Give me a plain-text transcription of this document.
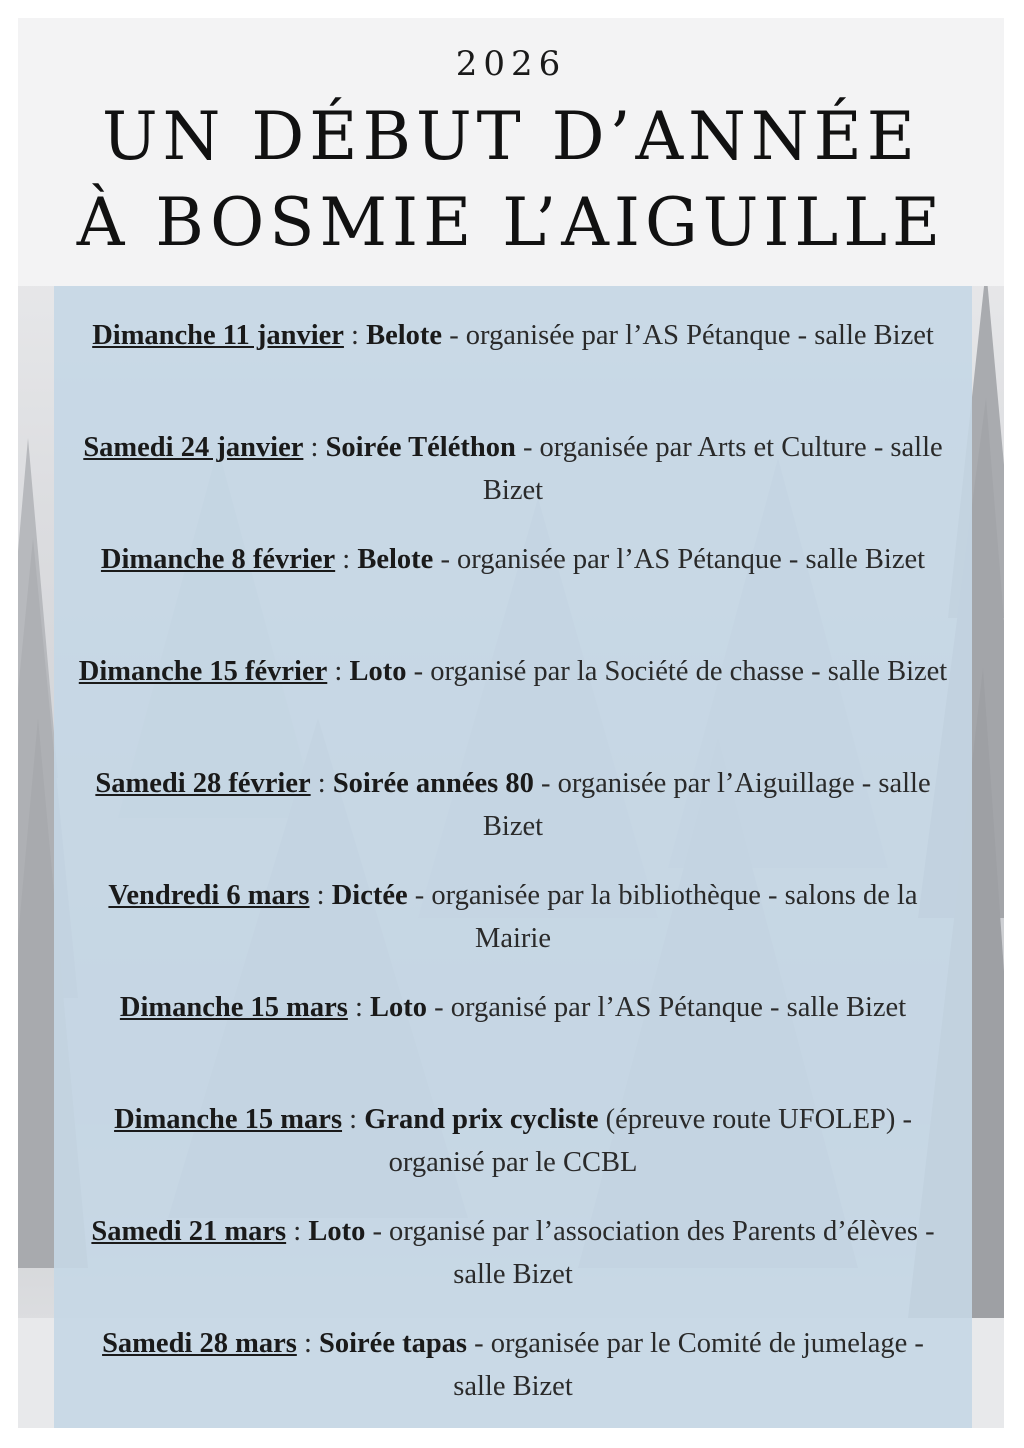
2026
UN DÉBUT D’ANNÉE
À BOSMIE L’AIGUILLE
Dimanche 11 janvier : Belote - organisée par l’AS Pétanque - salle Bizet
Samedi 24 janvier : Soirée Téléthon - organisée par Arts et Culture - salle Bizet
Dimanche 8 février : Belote - organisée par l’AS Pétanque - salle Bizet
Dimanche 15 février : Loto - organisé par la Société de chasse - salle Bizet
Samedi 28 février : Soirée années 80 - organisée par l’Aiguillage - salle Bizet
Vendredi 6 mars : Dictée - organisée par la bibliothèque - salons de la Mairie
Dimanche 15 mars : Loto - organisé par l’AS Pétanque - salle Bizet
Dimanche 15 mars : Grand prix cycliste (épreuve route UFOLEP) - organisé par le CCBL
Samedi 21 mars : Loto - organisé par l’association des Parents d’élèves - salle Bizet
Samedi 28 mars : Soirée tapas - organisée par le Comité de jumelage - salle Bizet
